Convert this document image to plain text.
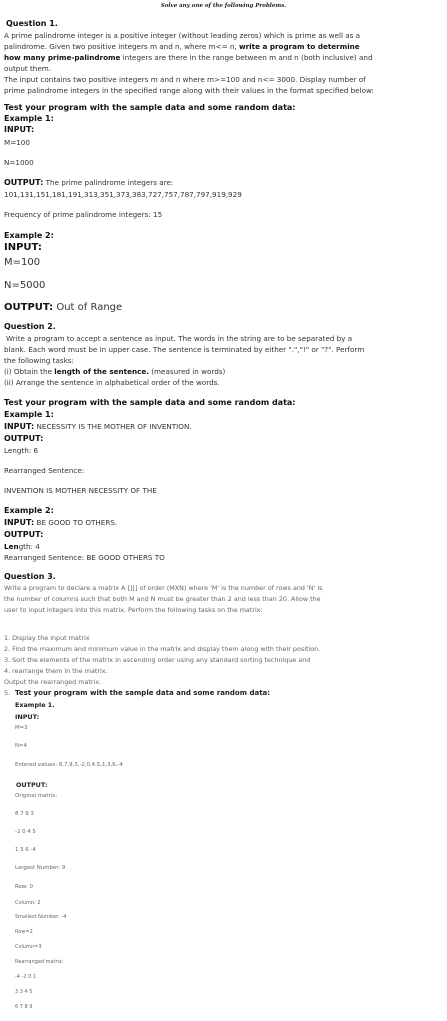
Solve any one of the following Problems.
Question 1.
A prime palindrome integer is a positive integer (without leading zeros) which is prime as well as a
palindrome. Given two positive integers m and n, where m<= n, write a program to determine
how many prime-palindrome integers are there in the range between m and n (both inclusive) and
output them.
The input contains two positive integers m and n where m>=100 and n<= 3000. Display number of
prime palindrome integers in the specified range along with their values in the format specified below:
Test your program with the sample data and some random data:
Example 1:
INPUT:
M=100
N=1000
OUTPUT: The prime palindrome integers are:
101,131,151,181,191,313,351,373,383,727,757,787,797,919,929
Frequency of prime palindrome integers: 15
Example 2:
INPUT:
M=100
N=5000
OUTPUT: Out of Range
Question 2.
Write a program to accept a sentence as input. The words in the string are to be separated by a
blank. Each word must be in upper case. The sentence is terminated by either ".","!" or "?". Perform
the following tasks:
(i) Obtain the length of the sentence. (measured in words)
(ii) Arrange the sentence in alphabetical order of the words.
Test your program with the sample data and some random data:
Example 1:
INPUT: NECESSITY IS THE MOTHER OF INVENTION.
OUTPUT:
Length: 6
Rearranged Sentence:
INVENTION IS MOTHER NECESSITY OF THE
Example 2:
INPUT: BE GOOD TO OTHERS.
OUTPUT:
Length: 4
Rearranged Sentence: BE GOOD OTHERS TO
Question 3.
Write a program to declare a matrix A [][] of order (MXN) where 'M' is the number of rows and 'N' is
the number of columns such that both M and N must be greater than 2 and less than 20. Allow the
user to input integers into this matrix. Perform the following tasks on the matrix:
1. Display the input matrix
2. Find the maximum and minimum value in the matrix and display them along with their position.
3. Sort the elements of the matrix in ascending order using any standard sorting technique and
4. rearrange them in the matrix.
Output the rearranged matrix.
5. Test your program with the sample data and some random data:
Example 1.
INPUT:
M=3
N=4
Entered values: 8,7,9,3,-2,0,4,5,1,3,6,-4
OUTPUT:
Original matrix:
8 7 9 3
-2 0 4 5
1 3 6 -4
Largest Number: 9
Row: 0
Column: 2
Smallest Number: -4
Row=2
Column=3
Rearranged matrix:
-4 -2 0 1
3 3 4 5
6 7 8 9
